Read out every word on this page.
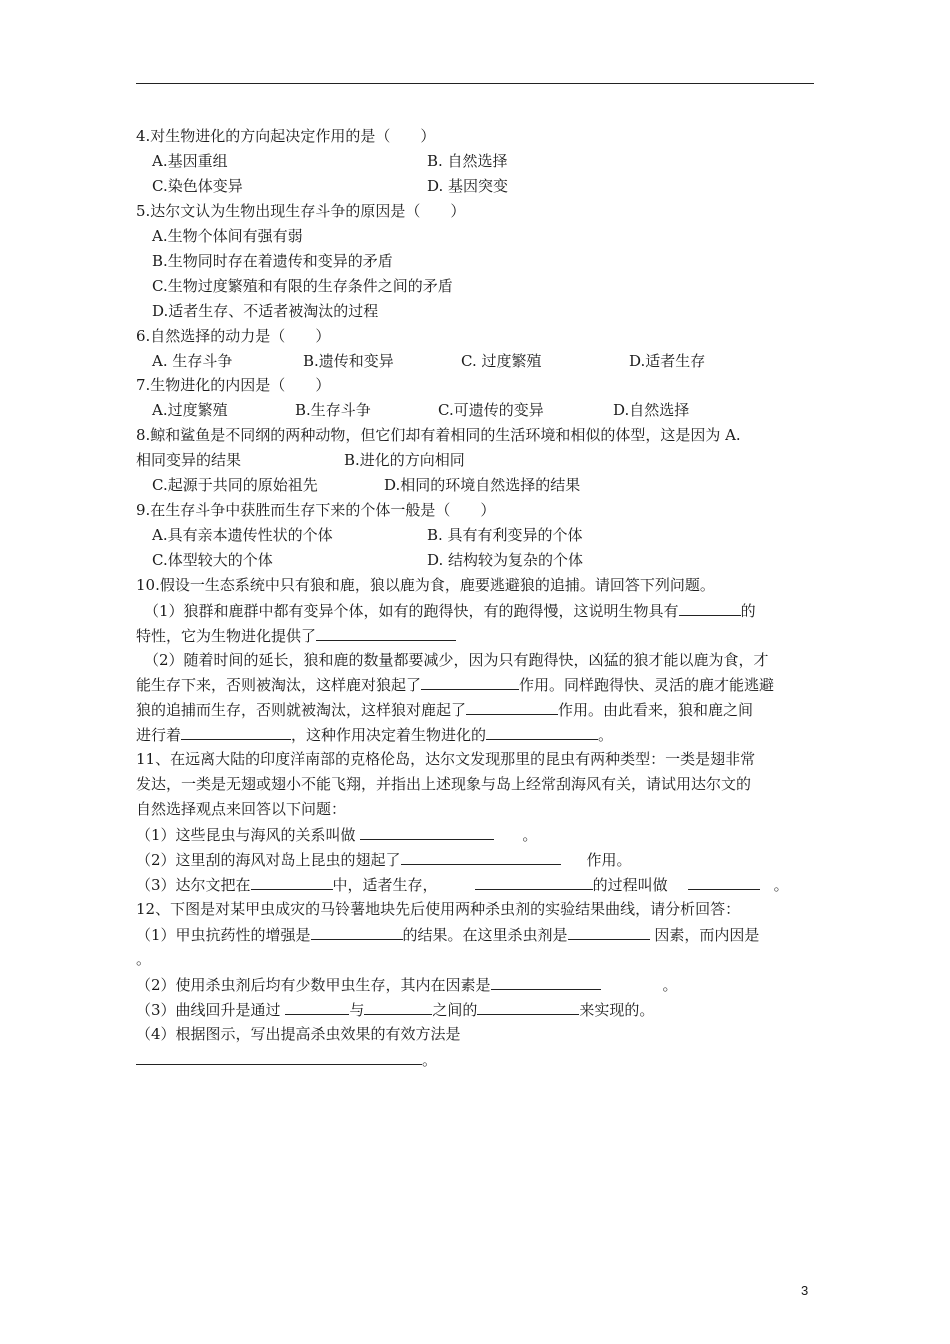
4.对生物进化的方向起决定作用的是（　　）
A.基因重组	B. 自然选择
C.染色体变异	D. 基因突变
5.达尔文认为生物出现生存斗争的原因是（　　）
A.生物个体间有强有弱
B.生物同时存在着遗传和变异的矛盾
C.生物过度繁殖和有限的生存条件之间的矛盾
D.适者生存、不适者被淘汰的过程
6.自然选择的动力是（　　）
A. 生存斗争	B.遗传和变异	C. 过度繁殖	D.适者生存
7.生物进化的内因是（　　）
A.过度繁殖	B.生存斗争	C.可遗传的变异	D.自然选择
8.鲸和鲨鱼是不同纲的两种动物，但它们却有着相同的生活环境和相似的体型，这是因为 A.
相同变异的结果	B.进化的方向相同
C.起源于共同的原始祖先	D.相同的环境自然选择的结果
9.在生存斗争中获胜而生存下来的个体一般是（　　）
A.具有亲本遗传性状的个体	B. 具有有利变异的个体
C.体型较大的个体	D. 结构较为复杂的个体
10.假设一生态系统中只有狼和鹿，狼以鹿为食，鹿要逃避狼的追捕。请回答下列问题。
（1）狼群和鹿群中都有变异个体，如有的跑得快，有的跑得慢，这说明生物具有	的
特性，它为生物进化提供了
（2）随着时间的延长，狼和鹿的数量都要减少，因为只有跑得快，凶猛的狼才能以鹿为食，才
能生存下来，否则被淘汰，这样鹿对狼起了	作用。同样跑得快、灵活的鹿才能逃避
狼的追捕而生存，否则就被淘汰，这样狼对鹿起了	作用。由此看来，狼和鹿之间
进行着	，这种作用决定着生物进化的	。
11、在远离大陆的印度洋南部的克格伦岛，达尔文发现那里的昆虫有两种类型：一类是翅非常
发达，一类是无翅或翅小不能飞翔，并指出上述现象与岛上经常刮海风有关，请试用达尔文的
自然选择观点来回答以下问题：
（1）这些昆虫与海风的关系叫做	。
（2）这里刮的海风对岛上昆虫的翅起了	作用。
（3）达尔文把在	中，适者生存，	的过程叫做	。
12、下图是对某甲虫成灾的马铃薯地块先后使用两种杀虫剂的实验结果曲线，请分析回答：
（1）甲虫抗药性的增强是	的结果。在这里杀虫剂是	因素，而内因是
。
（2）使用杀虫剂后均有少数甲虫生存，其内在因素是	。
（3）曲线回升是通过	与	之间的	来实现的。
（4）根据图示，写出提高杀虫效果的有效方法是
。
3
